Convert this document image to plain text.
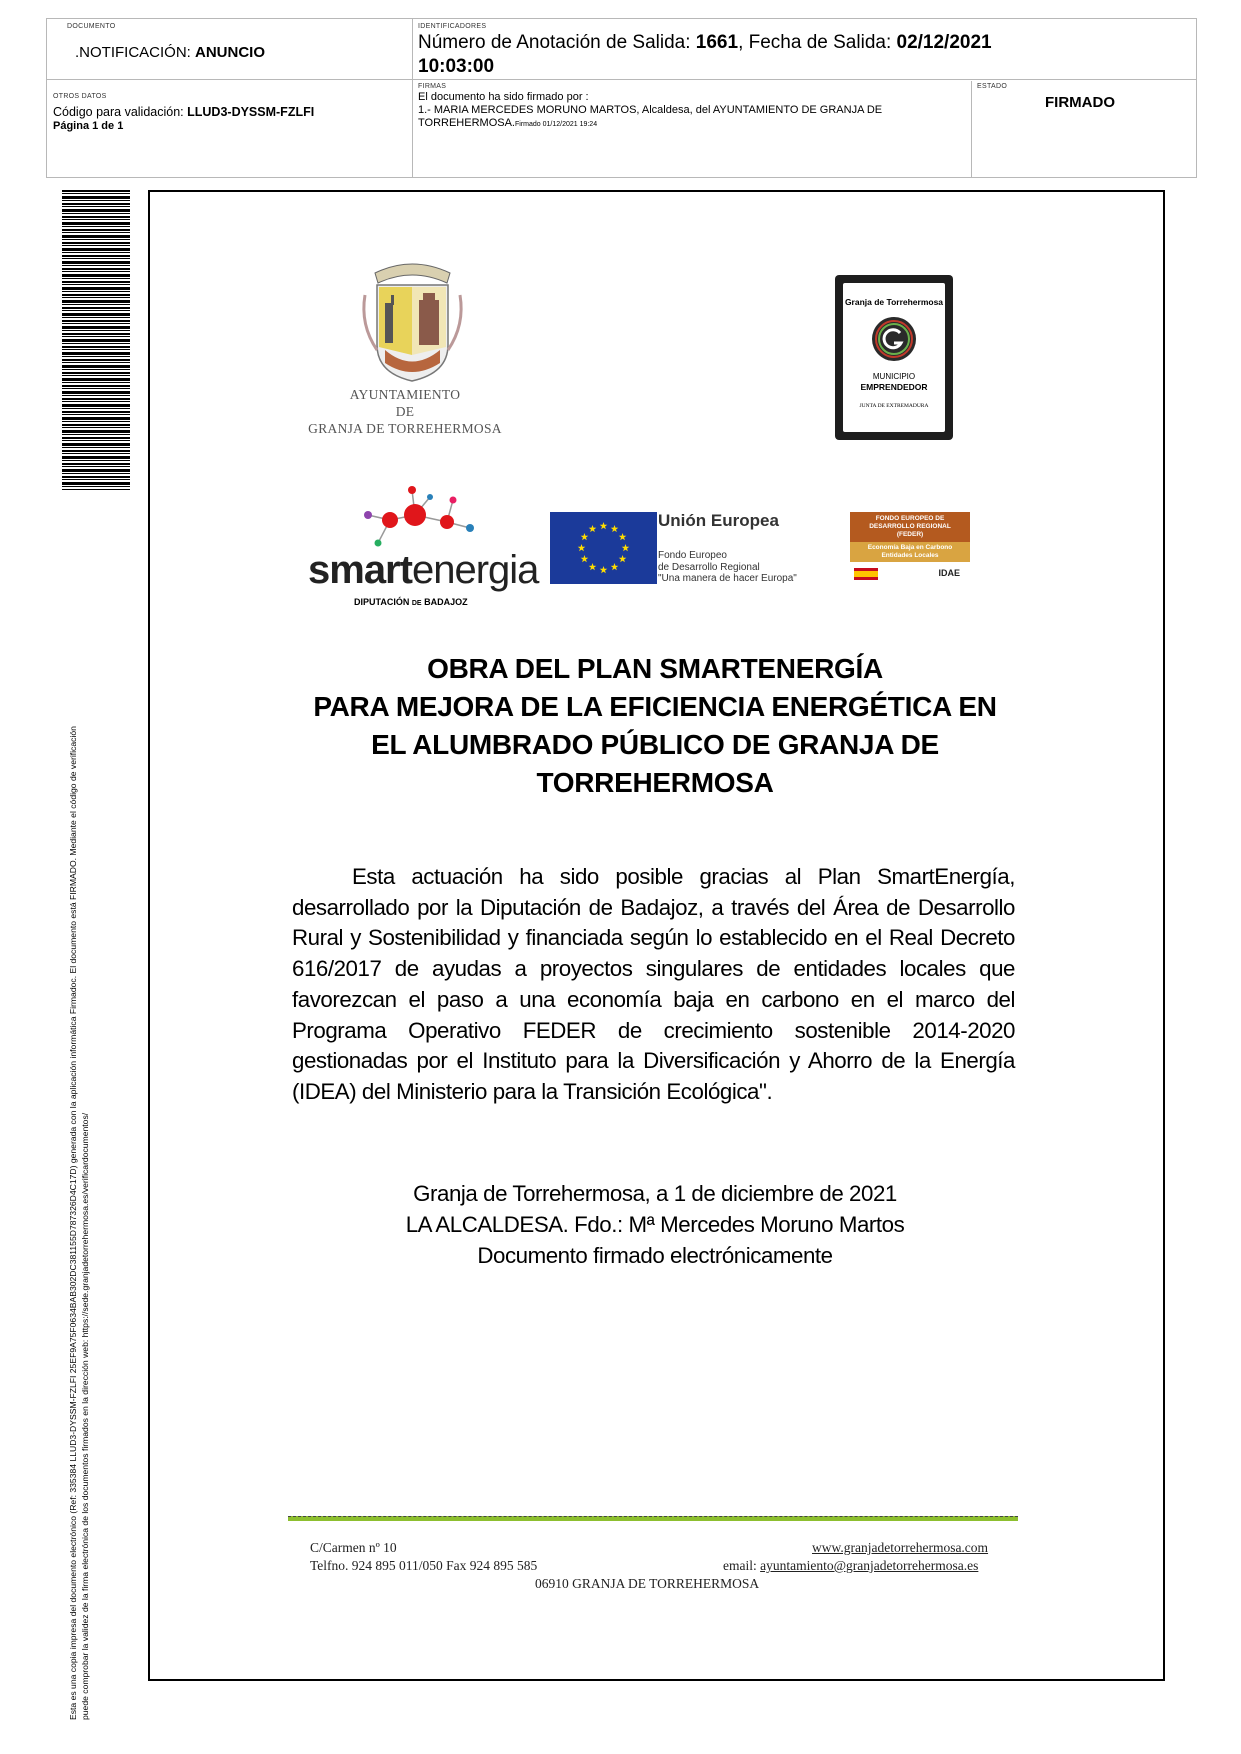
DOCUMENTO
.NOTIFICACIÓN: ANUNCIO
IDENTIFICADORES
Número de Anotación de Salida: 1661, Fecha de Salida: 02/12/2021
10:03:00
OTROS DATOS
Código para validación: LLUD3-DYSSM-FZLFI
Página 1 de 1
FIRMAS
El documento ha sido firmado por :
1.- MARIA MERCEDES MORUNO MARTOS, Alcaldesa, del AYUNTAMIENTO DE GRANJA DE
TORREHERMOSA.Firmado 01/12/2021 19:24
ESTADO
FIRMADO
Esta es una copia impresa del documento electrónico (Ref: 335384 LLUD3-DYSSM-FZLFI 25EF9A75F0634BAB302DC381155D787326D4C17D) generada con la aplicación informática Firmadoc. El documento está FIRMADO. Mediante el código de verificación puede comprobar la validez de la firma electrónica de los documentos firmados en la dirección web: https://sede.granjadetorrehermosa.es/verificardocumentos/
AYUNTAMIENTO
DE
GRANJA DE TORREHERMOSA
Granja de Torrehermosa
MUNICIPIO
EMPRENDEDOR
JUNTA DE EXTREMADURA
smartenergia
DIPUTACIÓN DE BADAJOZ
Unión Europea
Fondo Europeo
de Desarrollo Regional
"Una manera de hacer Europa"
FONDO EUROPEO DE
DESARROLLO REGIONAL
(FEDER)
Economía Baja en Carbono
Entidades Locales
IDAE
OBRA DEL PLAN SMARTENERGÍA
PARA MEJORA DE LA EFICIENCIA ENERGÉTICA EN
EL ALUMBRADO PÚBLICO DE GRANJA DE
TORREHERMOSA
Esta actuación ha sido posible gracias al Plan SmartEnergía, desarrollado por la Diputación de Badajoz, a través del Área de Desarrollo Rural y Sostenibilidad y financiada según lo establecido en el Real Decreto 616/2017 de ayudas a proyectos singulares de entidades locales que favorezcan el paso a una economía baja en carbono en el marco del Programa Operativo FEDER de crecimiento sostenible 2014-2020 gestionadas por el Instituto para la Diversificación y Ahorro de la Energía (IDEA) del Ministerio para la Transición Ecológica".
Granja de Torrehermosa, a 1 de diciembre de 2021
LA ALCALDESA. Fdo.: Mª Mercedes Moruno Martos
Documento firmado electrónicamente
C/Carmen nº 10
Telfno. 924 895 011/050 Fax 924 895 585
www.granjadetorrehermosa.com
email: ayuntamiento@granjadetorrehermosa.es
06910 GRANJA DE TORREHERMOSA
